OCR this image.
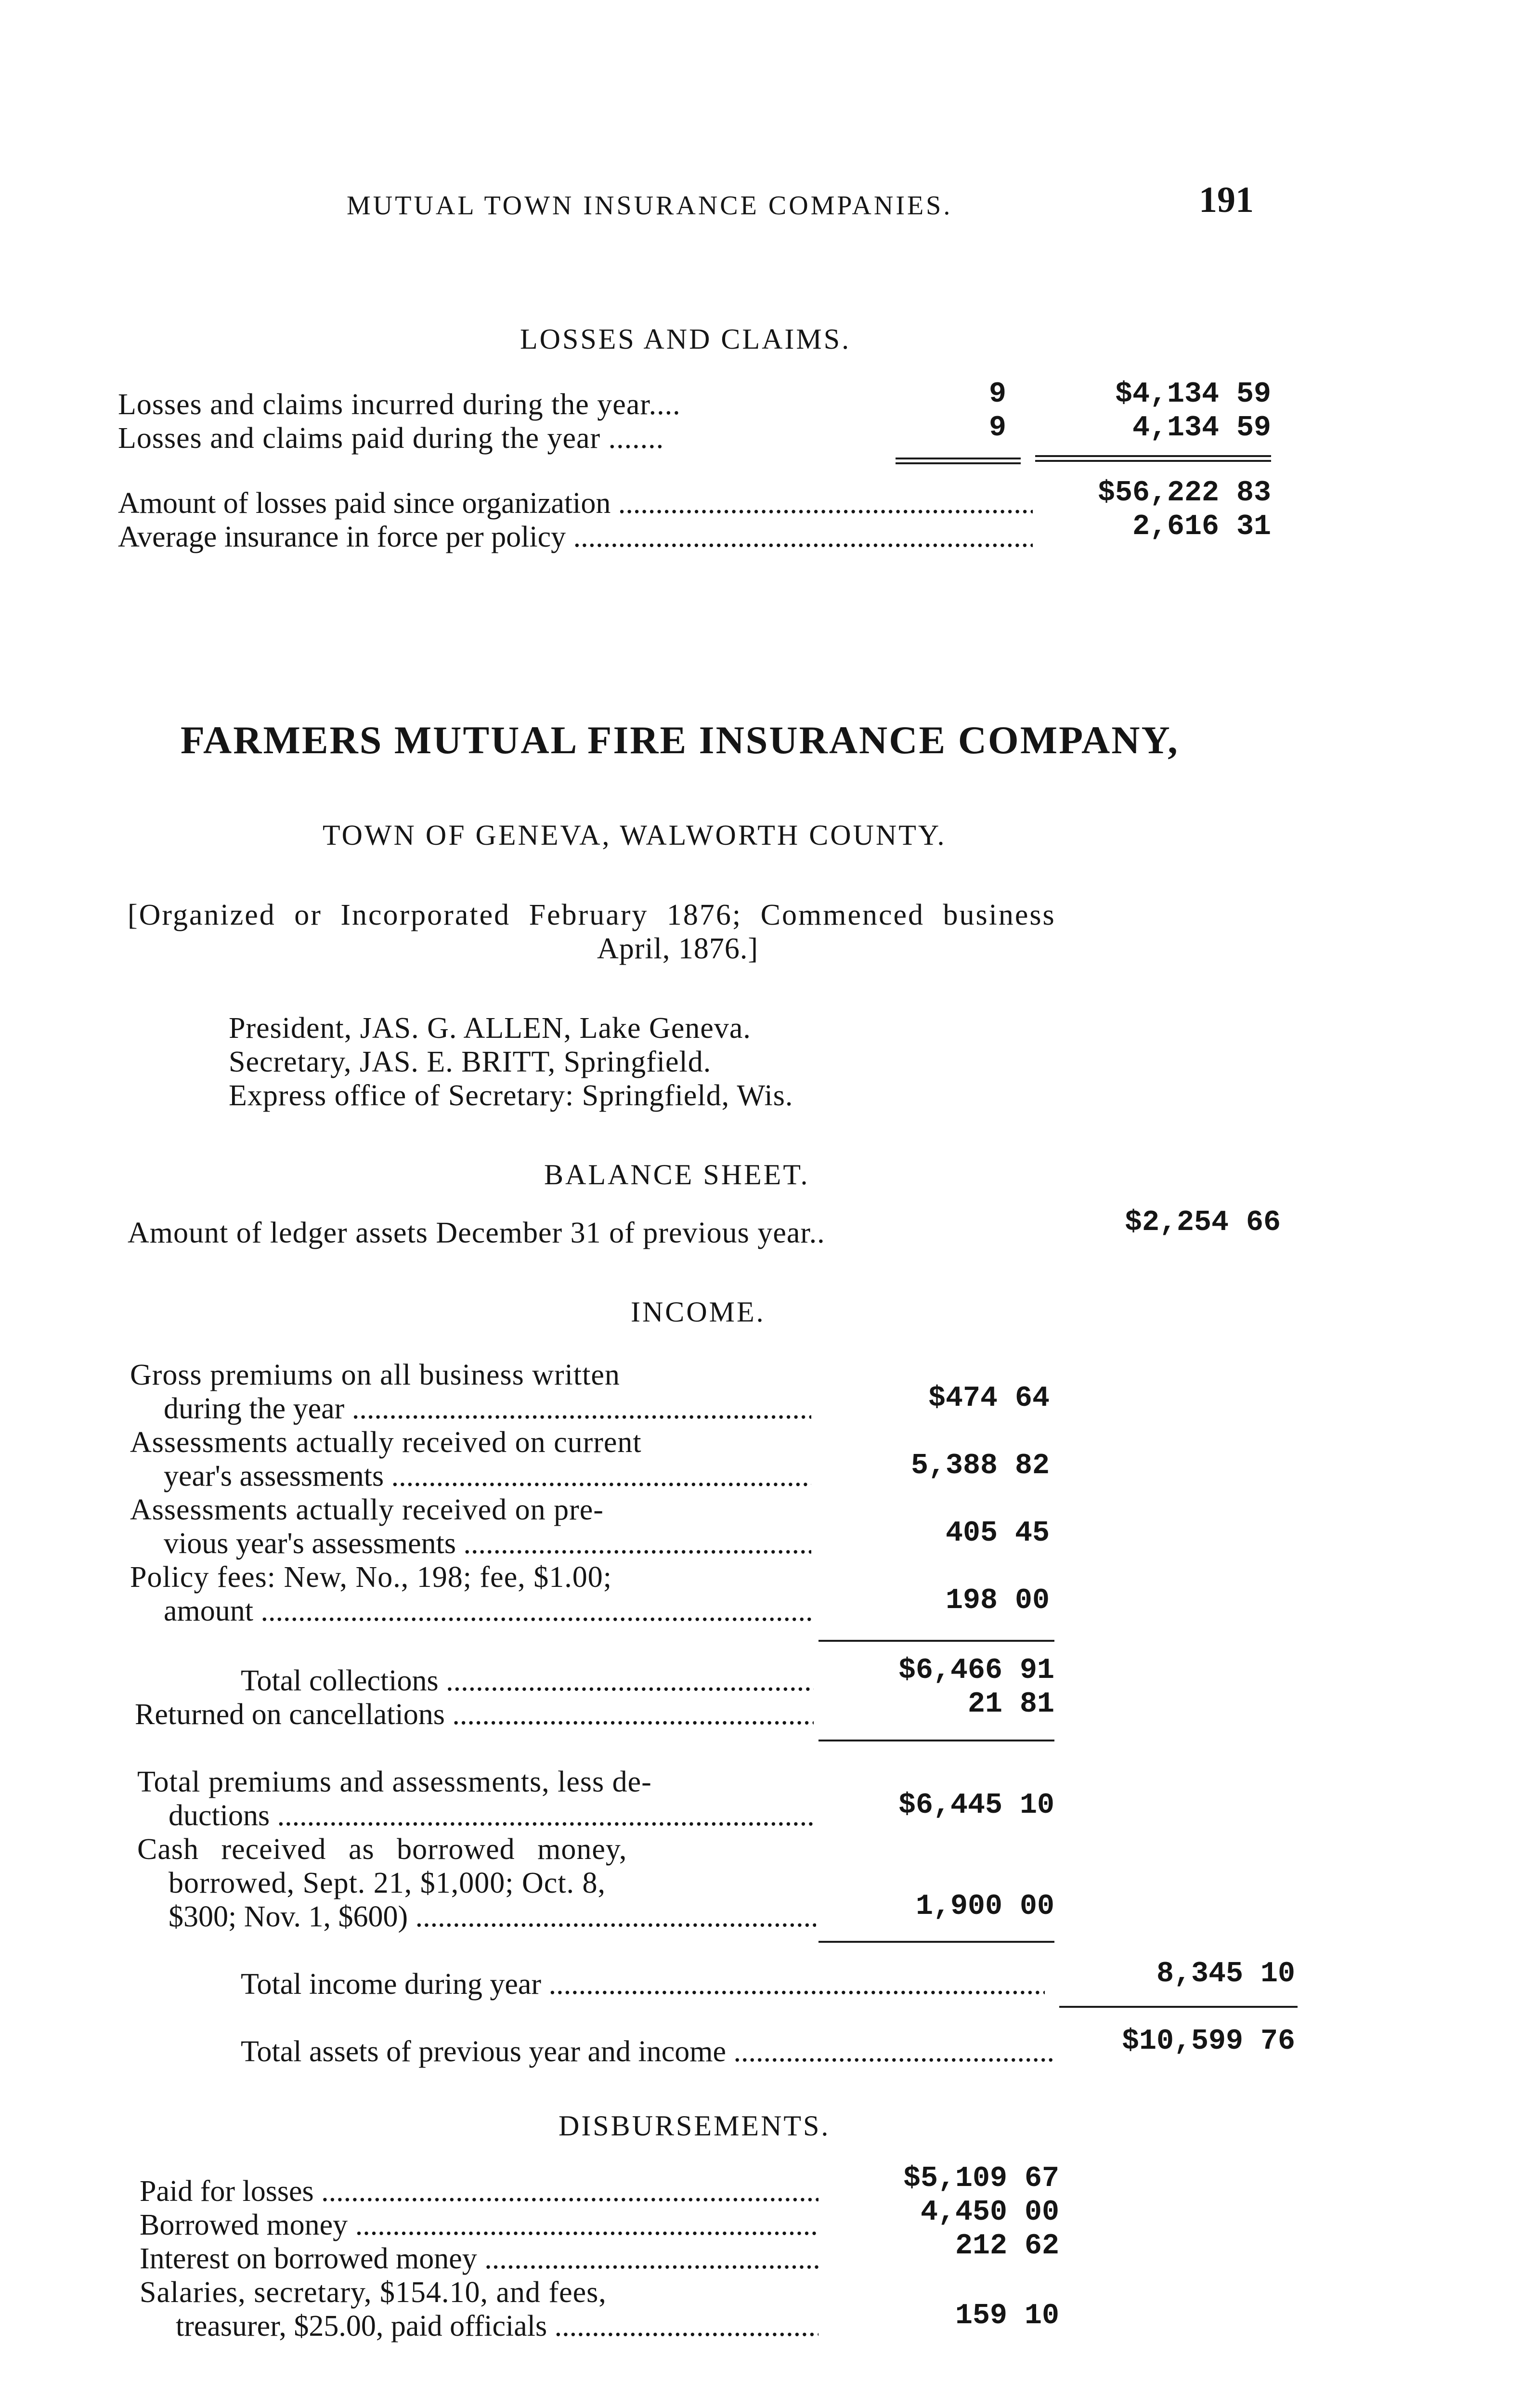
MUTUAL TOWN INSURANCE COMPANIES.	191
LOSSES AND CLAIMS.
Losses and claims incurred during the year....	9	$4,134 59
Losses and claims paid during the year .......	9	4,134 59
Amount of losses paid since organization .....	$56,222 83
Average insurance in force per policy .....	2,616 31
FARMERS MUTUAL FIRE INSURANCE COMPANY,
TOWN OF GENEVA, WALWORTH COUNTY.
[Organized or Incorporated February 1876; Commenced business
April, 1876.]
President, JAS. G. ALLEN, Lake Geneva.
Secretary, JAS. E. BRITT, Springfield.
Express office of Secretary: Springfield, Wis.
BALANCE SHEET.
Amount of ledger assets December 31 of previous year..	$2,254 66
INCOME.
Gross premiums on all business written
during the year .....	$474 64
Assessments actually received on current
year's assessments .....	5,388 82
Assessments actually received on pre-
vious year's assessments .....	405 45
Policy fees: New, No., 198; fee, $1.00;
amount .....	198 00
Total collections .....	$6,466 91
Returned on cancellations .....	21 81
Total premiums and assessments, less de-
ductions .....	$6,445 10
Cash received as borrowed money,
borrowed, Sept. 21, $1,000; Oct. 8,
$300; Nov. 1, $600) .....	1,900 00
Total income during year .....	8,345 10
Total assets of previous year and income .....	$10,599 76
DISBURSEMENTS.
Paid for losses .....	$5,109 67
Borrowed money .....	4,450 00
Interest on borrowed money .....	212 62
Salaries, secretary, $154.10, and fees,
treasurer, $25.00, paid officials .....	159 10
